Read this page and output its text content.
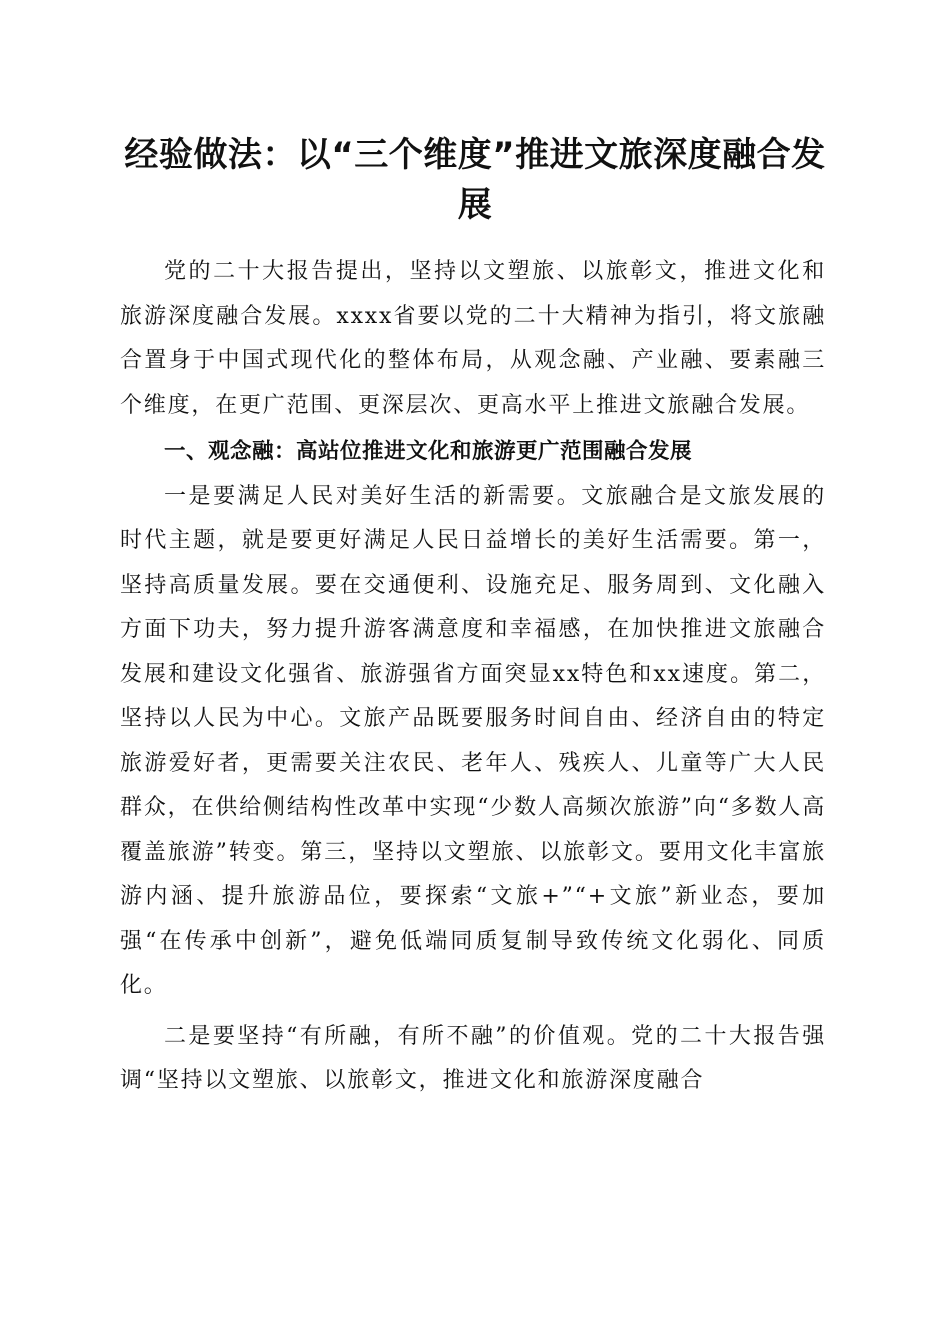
经验做法：以“三个维度”推进文旅深度融合发展

党的二十大报告提出，坚持以文塑旅、以旅彰文，推进文化和旅游深度融合发展。xxxx省要以党的二十大精神为指引，将文旅融合置身于中国式现代化的整体布局，从观念融、产业融、要素融三个维度，在更广范围、更深层次、更高水平上推进文旅融合发展。

一、观念融：高站位推进文化和旅游更广范围融合发展

一是要满足人民对美好生活的新需要。文旅融合是文旅发展的时代主题，就是要更好满足人民日益增长的美好生活需要。第一，坚持高质量发展。要在交通便利、设施充足、服务周到、文化融入方面下功夫，努力提升游客满意度和幸福感，在加快推进文旅融合发展和建设文化强省、旅游强省方面突显xx特色和xx速度。第二，坚持以人民为中心。文旅产品既要服务时间自由、经济自由的特定旅游爱好者，更需要关注农民、老年人、残疾人、儿童等广大人民群众，在供给侧结构性改革中实现“少数人高频次旅游”向“多数人高覆盖旅游”转变。第三，坚持以文塑旅、以旅彰文。要用文化丰富旅游内涵、提升旅游品位，要探索“文旅+”“+文旅”新业态，要加强“在传承中创新”，避免低端同质复制导致传统文化弱化、同质化。

二是要坚持“有所融，有所不融”的价值观。党的二十大报告强调“坚持以文塑旅、以旅彰文，推进文化和旅游深度融合
